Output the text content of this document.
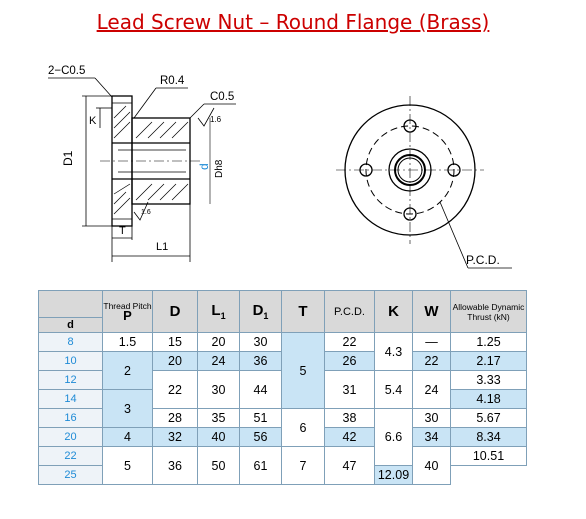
Lead Screw Nut – Round Flange (Brass)
D1
K
2−C0.5
R0.4
C0.5
1.6
d Dh8
T
1.6
L1
P.C.D.
	Thread Pitch
P	D	$L_1$	$D_1$	T	P.C.D.	K	W	Allowable Dynamic
Thrust (kN)
d									
8	1.5	15	20	30	5	22	4.3	—	1.25
10	2	20	24	36		26		22	2.17
12		22	30	44		31	5.4	24	3.33
14	3								4.18
16		28	35	51	6	38	6.6	30	5.67
20	4	32	40	56		42		34	8.34
22	5	36	50	61	7	47		40	10.51
25							12.09		
